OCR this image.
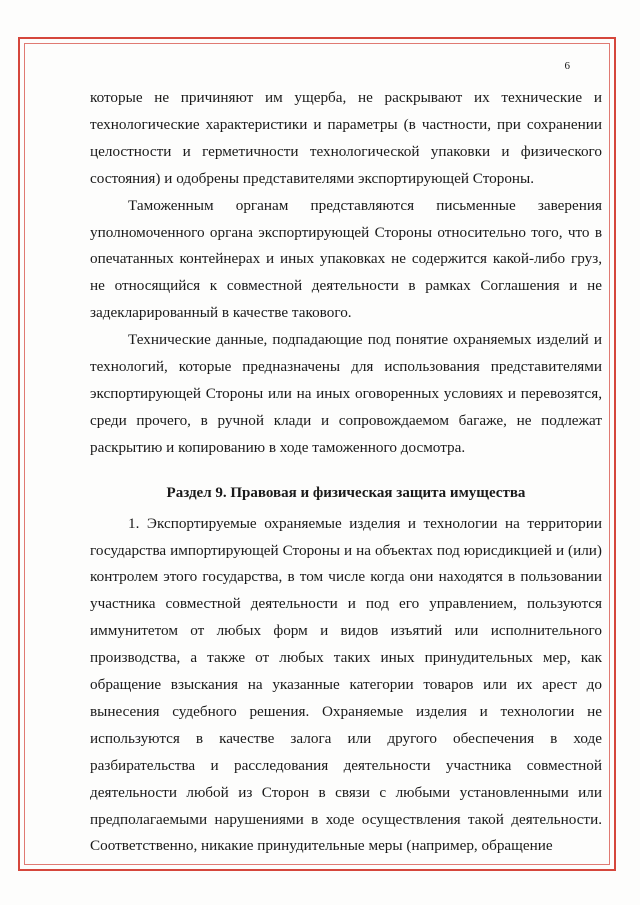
6

которые не причиняют им ущерба, не раскрывают их технические и технологические характеристики и параметры (в частности, при сохранении целостности и герметичности технологической упаковки и физического состояния) и одобрены представителями экспортирующей Стороны.

Таможенным органам представляются письменные заверения уполномоченного органа экспортирующей Стороны относительно того, что в опечатанных контейнерах и иных упаковках не содержится какой-либо груз, не относящийся к совместной деятельности в рамках Соглашения и не задекларированный в качестве такового.

Технические данные, подпадающие под понятие охраняемых изделий и технологий, которые предназначены для использования представителями экспортирующей Стороны или на иных оговоренных условиях и перевозятся, среди прочего, в ручной клади и сопровождаемом багаже, не подлежат раскрытию и копированию в ходе таможенного досмотра.

Раздел 9. Правовая и физическая защита имущества

1. Экспортируемые охраняемые изделия и технологии на территории государства импортирующей Стороны и на объектах под юрисдикцией и (или) контролем этого государства, в том числе когда они находятся в пользовании участника совместной деятельности и под его управлением, пользуются иммунитетом от любых форм и видов изъятий или исполнительного производства, а также от любых таких иных принудительных мер, как обращение взыскания на указанные категории товаров или их арест до вынесения судебного решения. Охраняемые изделия и технологии не используются в качестве залога или другого обеспечения в ходе разбирательства и расследования деятельности участника совместной деятельности любой из Сторон в связи с любыми установленными или предполагаемыми нарушениями в ходе осуществления такой деятельности. Соответственно, никакие принудительные меры (например, обращение
